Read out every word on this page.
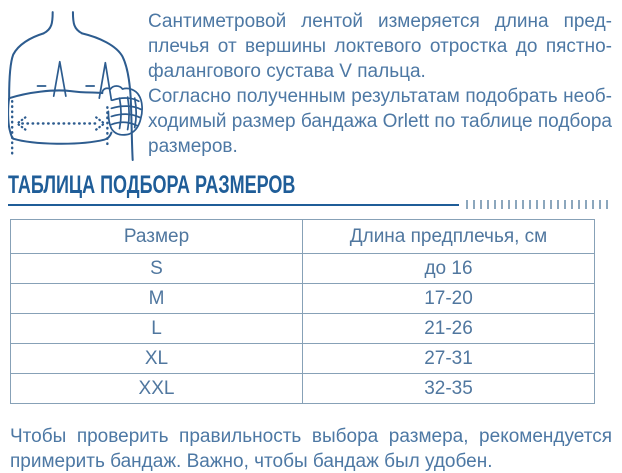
Сантиметровой лентой измеряется длина пред-
плечья от вершины локтевого отростка до пястно-
фалангового сустава V пальца.
Согласно полученным результатам подобрать необ-
ходимый размер бандажа Orlett по таблице подбора
размеров.
ТАБЛИЦА ПОДБОРА РАЗМЕРОВ
Размер	Длина предплечья, см
S	до 16
M	17-20
L	21-26
XL	27-31
XXL	32-35
Чтобы проверить правильность выбора размера, рекомендуется
примерить бандаж. Важно, чтобы бандаж был удобен.
